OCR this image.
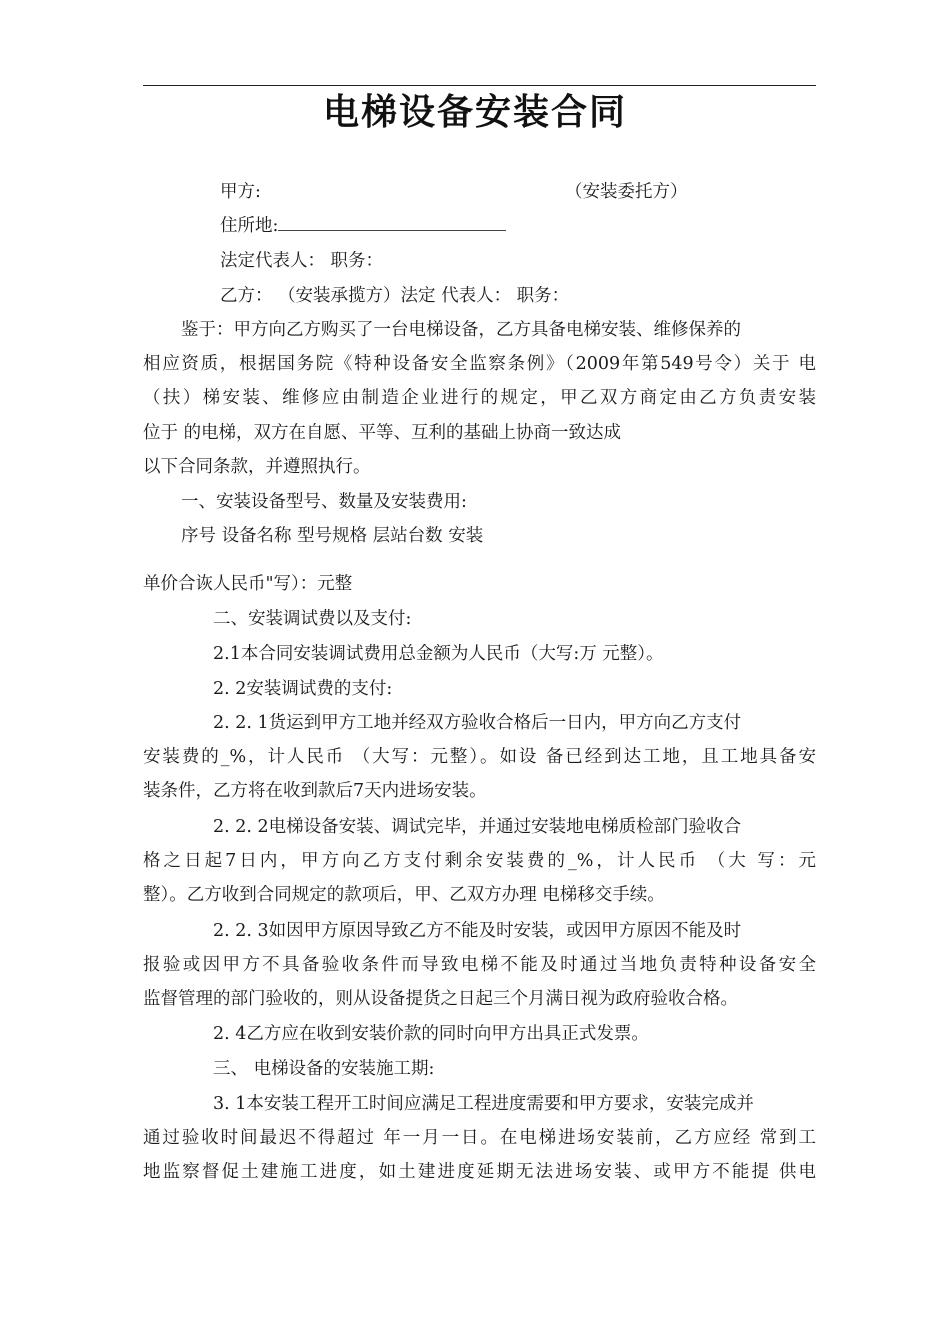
电梯设备安装合同
甲方:	（安装委托方）
住所地:
法定代表人： 职务：
乙方： （安装承揽方）法定 代表人： 职务：
鉴于：甲方向乙方购买了一台电梯设备，乙方具备电梯安装、维修保养的
相应资质，根据国务院《特种设备安全监察条例》（2009年第549号令）关于 电
（扶）梯安装、维修应由制造企业进行的规定，甲乙双方商定由乙方负责安装
位于 的电梯，双方在自愿、平等、互利的基础上协商一致达成
以下合同条款，并遵照执行。
一、安装设备型号、数量及安装费用:
序号 设备名称 型号规格 层站台数 安装
单价合诙人民币"写）：元整
二、安装调试费以及支付:
2.1本合同安装调试费用总金额为人民币（大写:万 元整）。
2. 2安装调试费的支付:
2. 2. 1货运到甲方工地并经双方验收合格后一日内，甲方向乙方支付
安装费的_%，计人民币 （大写：元整）。如设 备已经到达工地，且工地具备安
装条件，乙方将在收到款后7天内进场安装。
2. 2. 2电梯设备安装、调试完毕，并通过安装地电梯质检部门验收合
格之日起7日内，甲方向乙方支付剩余安装费的_%，计人民币 （大 写：元
整）。乙方收到合同规定的款项后，甲、乙双方办理 电梯移交手续。
2. 2. 3如因甲方原因导致乙方不能及时安装，或因甲方原因不能及时
报验或因甲方不具备验收条件而导致电梯不能及时通过当地负责特种设备安全
监督管理的部门验收的，则从设备提货之日起三个月满日视为政府验收合格。
2. 4乙方应在收到安装价款的同时向甲方出具正式发票。
三、 电梯设备的安装施工期:
3. 1本安装工程开工时间应满足工程进度需要和甲方要求，安装完成并
通过验收时间最迟不得超过 年一月一日。在电梯进场安装前，乙方应经 常到工
地监察督促土建施工进度，如土建进度延期无法进场安装、或甲方不能提 供电
